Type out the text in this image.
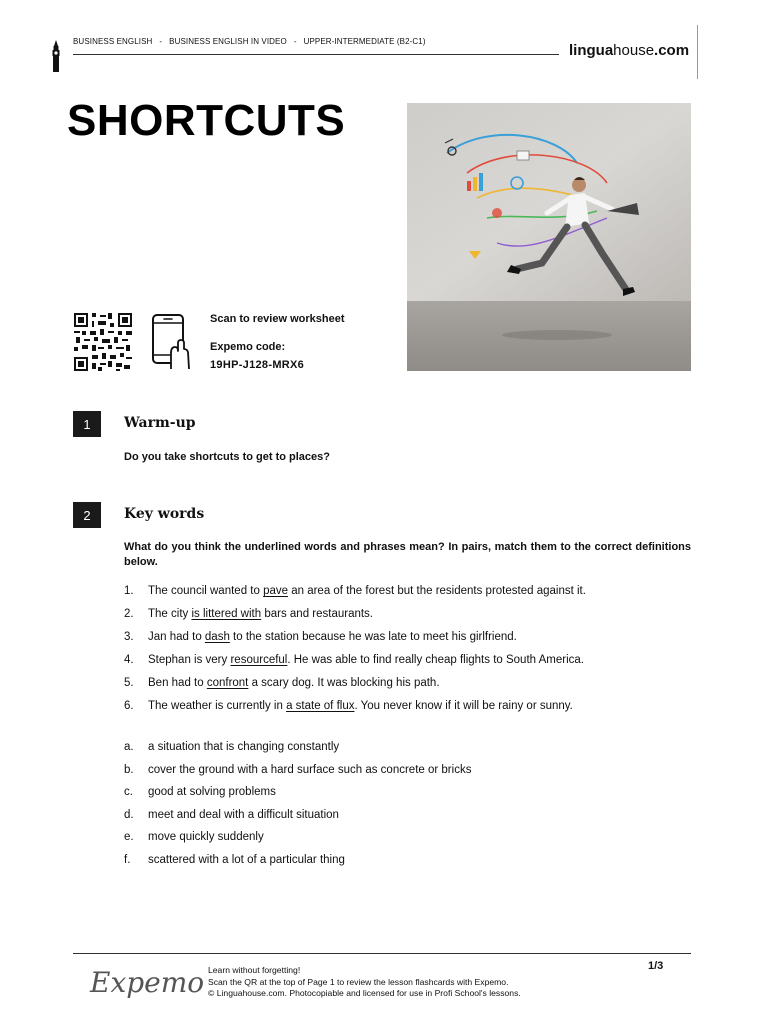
BUSINESS ENGLISH - BUSINESS ENGLISH IN VIDEO - UPPER-INTERMEDIATE (B2-C1)
linguahouse.com
SHORTCUTS
Scan to review worksheet
Expemo code:
19HP-J128-MRX6
1	Warm-up
Do you take shortcuts to get to places?
2	Key words
What do you think the underlined words and phrases mean? In pairs, match them to the correct definitions below.
1. The council wanted to pave an area of the forest but the residents protested against it.
2. The city is littered with bars and restaurants.
3. Jan had to dash to the station because he was late to meet his girlfriend.
4. Stephan is very resourceful. He was able to find really cheap flights to South America.
5. Ben had to confront a scary dog. It was blocking his path.
6. The weather is currently in a state of flux. You never know if it will be rainy or sunny.
a. a situation that is changing constantly
b. cover the ground with a hard surface such as concrete or bricks
c. good at solving problems
d. meet and deal with a difficult situation
e. move quickly suddenly
f. scattered with a lot of a particular thing
Expemo Learn without forgetting!
Scan the QR at the top of Page 1 to review the lesson flashcards with Expemo.
© Linguahouse.com. Photocopiable and licensed for use in Profi School's lessons.
1/3
